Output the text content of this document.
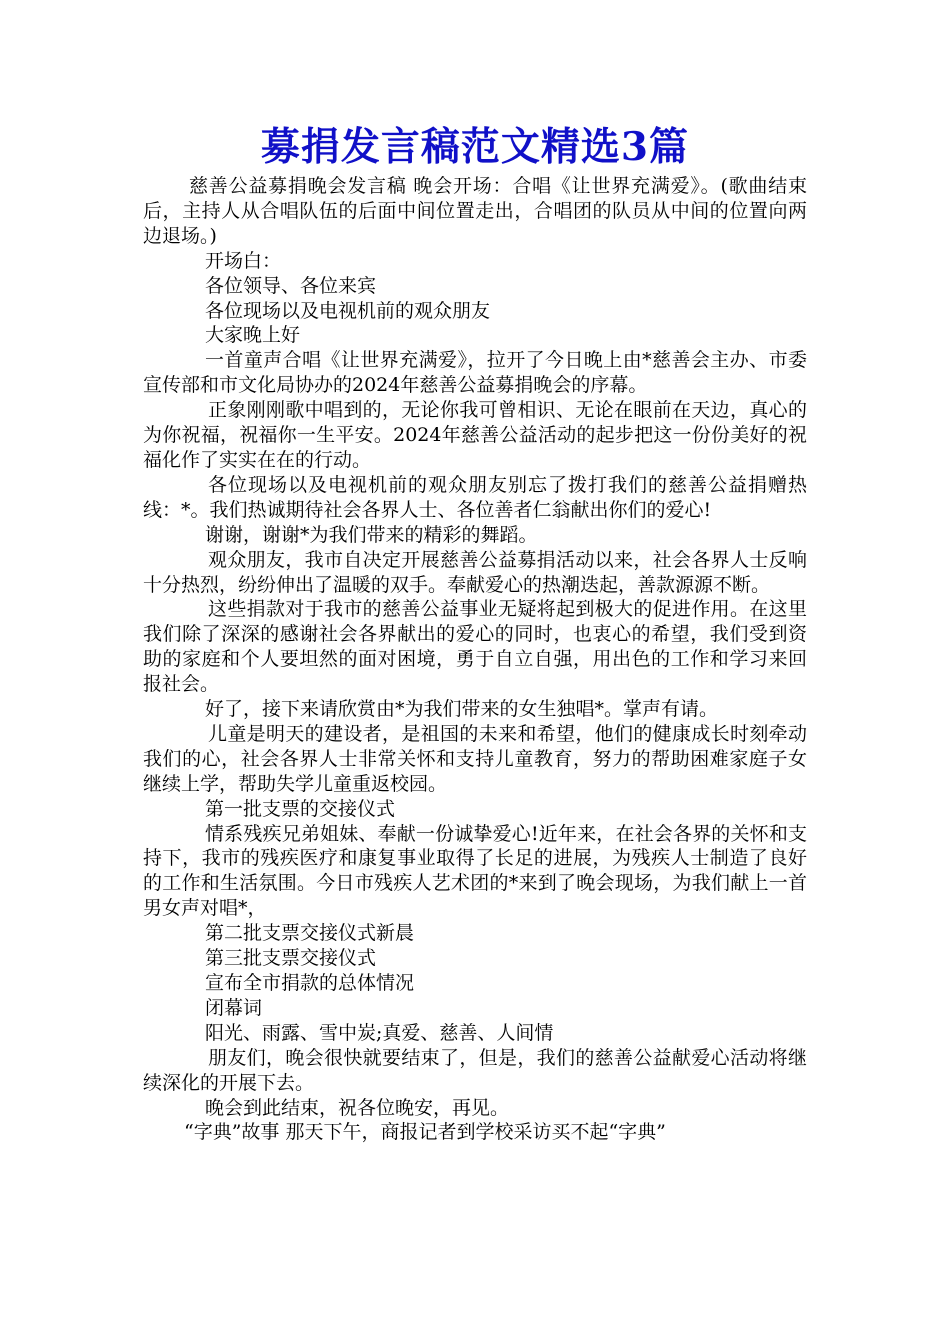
募捐发言稿范文精选3篇

慈善公益募捐晚会发言稿 晚会开场：合唱《让世界充满爱》。(歌曲结束后，主持人从合唱队伍的后面中间位置走出，合唱团的队员从中间的位置向两边退场。)

开场白：

各位领导、各位来宾

各位现场以及电视机前的观众朋友

大家晚上好

一首童声合唱《让世界充满爱》，拉开了今日晚上由*慈善会主办、市委宣传部和市文化局协办的2024年慈善公益募捐晚会的序幕。

正象刚刚歌中唱到的，无论你我可曾相识、无论在眼前在天边，真心的为你祝福，祝福你一生平安。2024年慈善公益活动的起步把这一份份美好的祝福化作了实实在在的行动。

各位现场以及电视机前的观众朋友别忘了拨打我们的慈善公益捐赠热线：*。我们热诚期待社会各界人士、各位善者仁翁献出你们的爱心!

谢谢，谢谢*为我们带来的精彩的舞蹈。

观众朋友，我市自决定开展慈善公益募捐活动以来，社会各界人士反响十分热烈，纷纷伸出了温暖的双手。奉献爱心的热潮迭起，善款源源不断。

这些捐款对于我市的慈善公益事业无疑将起到极大的促进作用。在这里我们除了深深的感谢社会各界献出的爱心的同时，也衷心的希望，我们受到资助的家庭和个人要坦然的面对困境，勇于自立自强，用出色的工作和学习来回报社会。

好了，接下来请欣赏由*为我们带来的女生独唱*。掌声有请。

儿童是明天的建设者，是祖国的未来和希望，他们的健康成长时刻牵动我们的心，社会各界人士非常关怀和支持儿童教育，努力的帮助困难家庭子女继续上学，帮助失学儿童重返校园。

第一批支票的交接仪式

情系残疾兄弟姐妹、奉献一份诚挚爱心!近年来，在社会各界的关怀和支持下，我市的残疾医疗和康复事业取得了长足的进展，为残疾人士制造了良好的工作和生活氛围。今日市残疾人艺术团的*来到了晚会现场，为我们献上一首男女声对唱*，

第二批支票交接仪式新晨

第三批支票交接仪式

宣布全市捐款的总体情况

闭幕词

阳光、雨露、雪中炭;真爱、慈善、人间情

朋友们，晚会很快就要结束了，但是，我们的慈善公益献爱心活动将继续深化的开展下去。

晚会到此结束，祝各位晚安，再见。

“字典”故事 那天下午，商报记者到学校采访买不起“字典”
